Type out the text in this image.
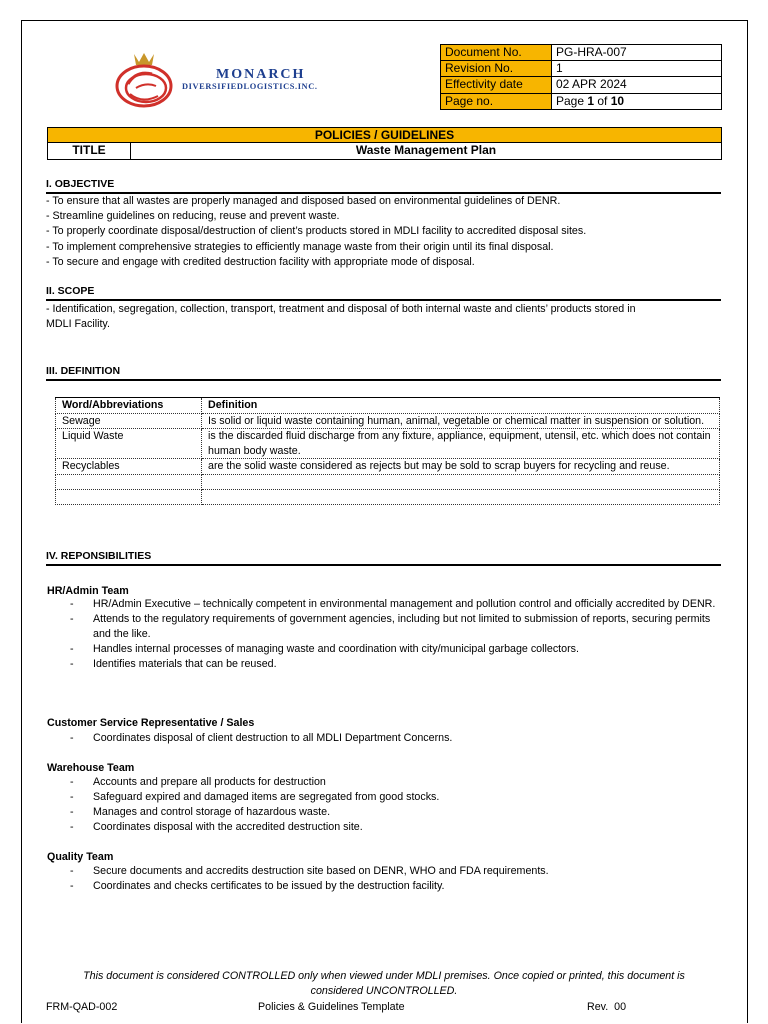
MONARCH
DIVERSIFIEDLOGISTICS.INC.
Document No.	PG-HRA-007
Revision No.	1
Effectivity date	02 APR 2024
Page no.	Page 1 of 10
POLICIES / GUIDELINES
TITLE	Waste Management Plan
I. OBJECTIVE
- To ensure that all wastes are properly managed and disposed based on environmental guidelines of DENR.
- Streamline guidelines on reducing, reuse and prevent waste.
- To properly coordinate disposal/destruction of client’s products stored in MDLI facility to accredited disposal sites.
- To implement comprehensive strategies to efficiently manage waste from their origin until its final disposal.
- To secure and engage with credited destruction facility with appropriate mode of disposal.
II. SCOPE
- Identification, segregation, collection, transport, treatment and disposal of both internal waste and clients’ products stored in
MDLI Facility.
III. DEFINITION
Word/Abbreviations	Definition
Sewage	Is solid or liquid waste containing human, animal, vegetable or chemical matter in suspension or solution.
Liquid Waste	is the discarded fluid discharge from any fixture, appliance, equipment, utensil, etc. which does not contain human body waste.
Recyclables	are the solid waste considered as rejects but may be sold to scrap buyers for recycling and reuse.

IV. REPONSIBILITIES
HR/Admin Team
- HR/Admin Executive – technically competent in environmental management and pollution control and officially accredited by DENR.
- Attends to the regulatory requirements of government agencies, including but not limited to submission of reports, securing permits and the like.
- Handles internal processes of managing waste and coordination with city/municipal garbage collectors.
- Identifies materials that can be reused.
Customer Service Representative / Sales
- Coordinates disposal of client destruction to all MDLI Department Concerns.
Warehouse Team
- Accounts and prepare all products for destruction
- Safeguard expired and damaged items are segregated from good stocks.
- Manages and control storage of hazardous waste.
- Coordinates disposal with the accredited destruction site.
Quality Team
- Secure documents and accredits destruction site based on DENR, WHO and FDA requirements.
- Coordinates and checks certificates to be issued by the destruction facility.
This document is considered CONTROLLED only when viewed under MDLI premises. Once copied or printed, this document is
considered UNCONTROLLED.
FRM-QAD-002	Policies & Guidelines Template	Rev.  00
